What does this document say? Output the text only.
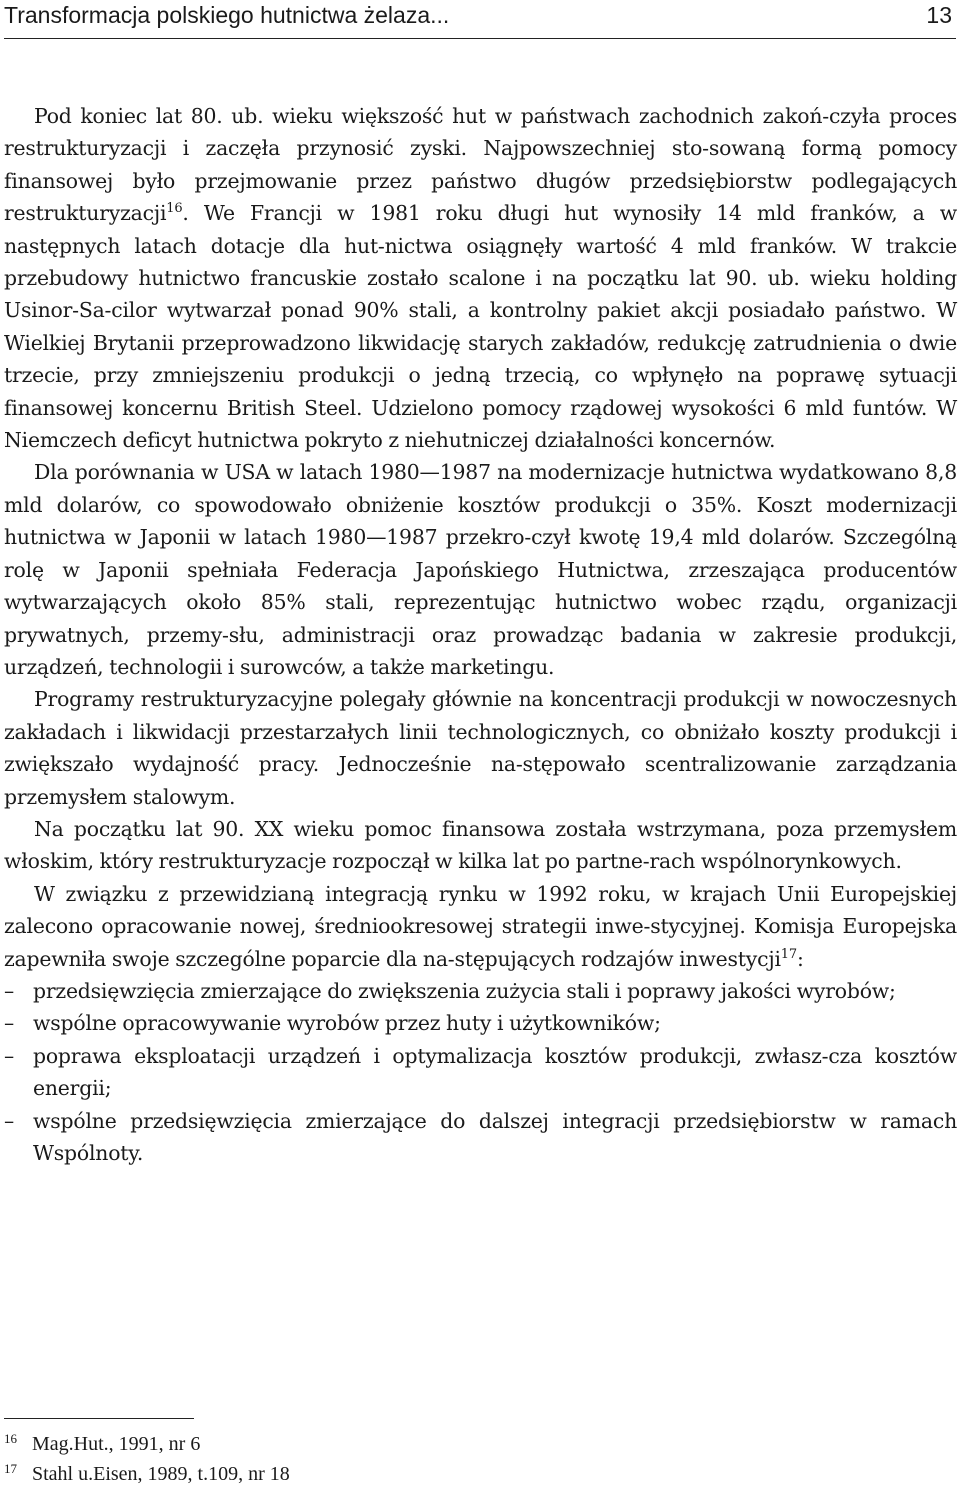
Transformacja polskiego hutnictwa żelaza...	13

Pod koniec lat 80. ub. wieku większość hut w państwach zachodnich zakoń-czyła proces restrukturyzacji i zaczęła przynosić zyski. Najpowszechniej sto-sowaną formą pomocy finansowej było przejmowanie przez państwo długów przedsiębiorstw podlegających restrukturyzacji$^{16}$. We Francji w 1981 roku długi hut wynosiły 14 mld franków, a w następnych latach dotacje dla hut-nictwa osiągnęły wartość 4 mld franków. W trakcie przebudowy hutnictwo francuskie zostało scalone i na początku lat 90. ub. wieku holding Usinor-Sa-cilor wytwarzał ponad 90% stali, a kontrolny pakiet akcji posiadało państwo. W Wielkiej Brytanii przeprowadzono likwidację starych zakładów, redukcję zatrudnienia o dwie trzecie, przy zmniejszeniu produkcji o jedną trzecią, co wpłynęło na poprawę sytuacji finansowej koncernu British Steel. Udzielono pomocy rządowej wysokości 6 mld funtów. W Niemczech deficyt hutnictwa pokryto z niehutniczej działalności koncernów.

Dla porównania w USA w latach 1980—1987 na modernizacje hutnictwa wydatkowano 8,8 mld dolarów, co spowodowało obniżenie kosztów produkcji o 35%. Koszt modernizacji hutnictwa w Japonii w latach 1980—1987 przekro-czył kwotę 19,4 mld dolarów. Szczególną rolę w Japonii spełniała Federacja Japońskiego Hutnictwa, zrzeszająca producentów wytwarzających około 85% stali, reprezentując hutnictwo wobec rządu, organizacji prywatnych, przemy-słu, administracji oraz prowadząc badania w zakresie produkcji, urządzeń, technologii i surowców, a także marketingu.

Programy restrukturyzacyjne polegały głównie na koncentracji produkcji w nowoczesnych zakładach i likwidacji przestarzałych linii technologicznych, co obniżało koszty produkcji i zwiększało wydajność pracy. Jednocześnie na-stępowało scentralizowanie zarządzania przemysłem stalowym.

Na początku lat 90. XX wieku pomoc finansowa została wstrzymana, poza przemysłem włoskim, który restrukturyzacje rozpoczął w kilka lat po partne-rach wspólnorynkowych.

W związku z przewidzianą integracją rynku w 1992 roku, w krajach Unii Europejskiej zalecono opracowanie nowej, średniookresowej strategii inwe-stycyjnej. Komisja Europejska zapewniła swoje szczególne poparcie dla na-stępujących rodzajów inwestycji$^{17}$:

– przedsięwzięcia zmierzające do zwiększenia zużycia stali i poprawy jakości wyrobów;
– wspólne opracowywanie wyrobów przez huty i użytkowników;
– poprawa eksploatacji urządzeń i optymalizacja kosztów produkcji, zwłasz-cza kosztów energii;
– wspólne przedsięwzięcia zmierzające do dalszej integracji przedsiębiorstw w ramach Wspólnoty.
16 Mag.Hut., 1991, nr 6
17 Stahl u.Eisen, 1989, t.109, nr 18
